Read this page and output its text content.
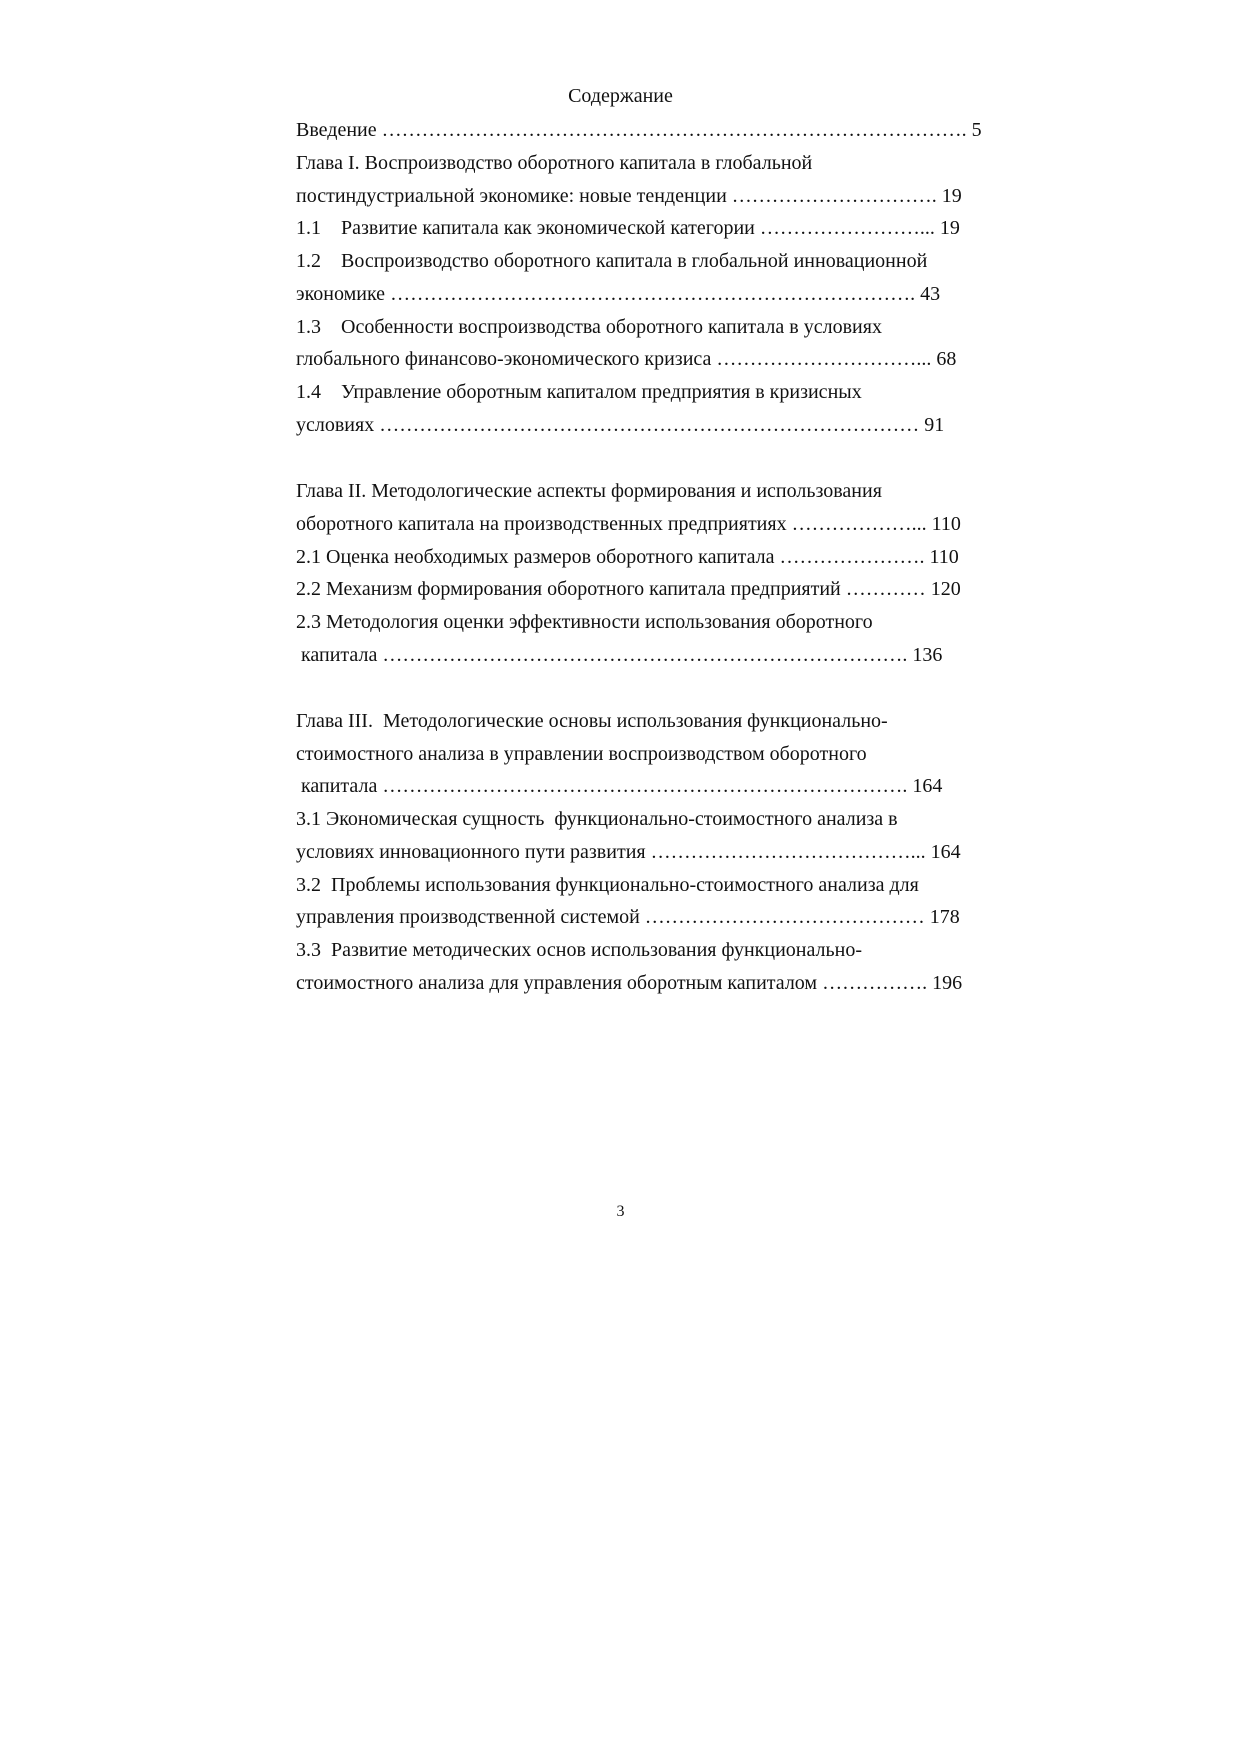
Содержание
Введение ……………………………………………………………………………. 5
Глава I. Воспроизводство оборотного капитала в глобальной
постиндустриальной экономике: новые тенденции …………………………. 19
1.1    Развитие капитала как экономической категории ……………………... 19
1.2    Воспроизводство оборотного капитала в глобальной инновационной
экономике ……………………………………………………………………. 43
1.3    Особенности воспроизводства оборотного капитала в условиях
глобального финансово-экономического кризиса …………………………... 68
1.4    Управление оборотным капиталом предприятия в кризисных
условиях ……………………………………………………………………… 91
Глава II. Методологические аспекты формирования и использования
оборотного капитала на производственных предприятиях ………………... 110
2.1 Оценка необходимых размеров оборотного капитала …………………. 110
2.2 Механизм формирования оборотного капитала предприятий ………… 120
2.3 Методология оценки эффективности использования оборотного
капитала ……………………………………………………………………. 136
Глава III.  Методологические основы использования функционально-
стоимостного анализа в управлении воспроизводством оборотного
капитала ……………………………………………………………………. 164
3.1 Экономическая сущность  функционально-стоимостного анализа в
условиях инновационного пути развития …………………………………... 164
3.2  Проблемы использования функционально-стоимостного анализа для
управления производственной системой …………………………………… 178
3.3  Развитие методических основ использования функционально-
стоимостного анализа для управления оборотным капиталом ……………. 196
3
